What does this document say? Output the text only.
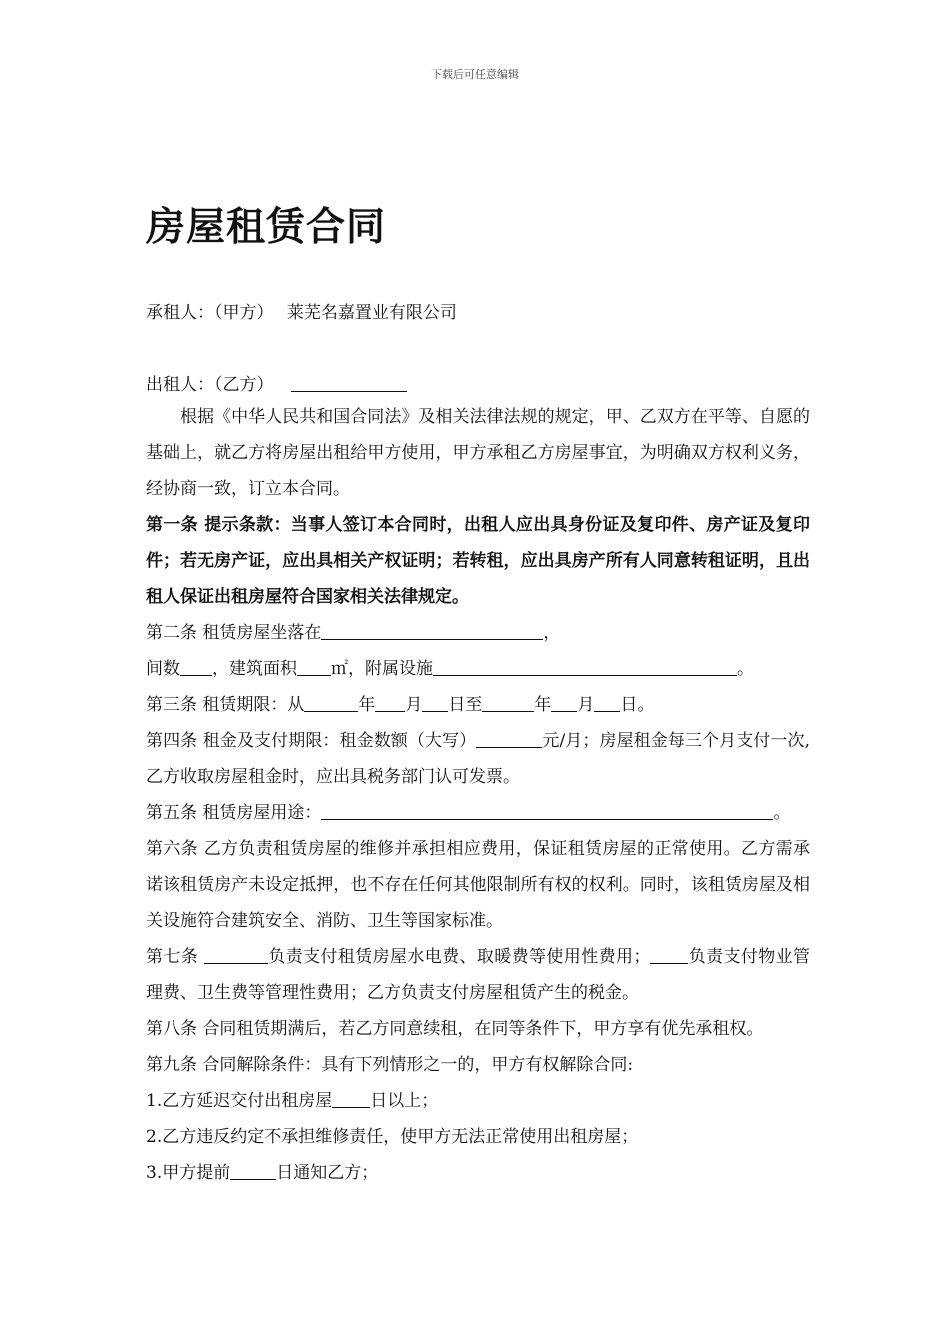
下载后可任意编辑
房屋租赁合同
承租人：（甲方） 莱芜名嘉置业有限公司
出租人：（乙方）

根据《中华人民共和国合同法》及相关法律法规的规定，甲、乙双方在平等、自愿的基础上，就乙方将房屋出租给甲方使用，甲方承租乙方房屋事宜，为明确双方权利义务，经协商一致，订立本合同。

第一条 提示条款：当事人签订本合同时，出租人应出具身份证及复印件、房产证及复印件；若无房产证，应出具相关产权证明；若转租，应出具房产所有人同意转租证明，且出租人保证出租房屋符合国家相关法律规定。

第二条 租赁房屋坐落在	，

间数 ，建筑面积 ㎡，附属设施	。

第三条 租赁期限：从	年 月 日至	年 月 日。

第四条 租金及支付期限：租金数额（大写）	元/月；房屋租金每三个月支付一次,乙方收取房屋租金时，应出具税务部门认可发票。

第五条 租赁房屋用途：	。

第六条 乙方负责租赁房屋的维修并承担相应费用，保证租赁房屋的正常使用。乙方需承诺该租赁房产未设定抵押，也不存在任何其他限制所有权的权利。同时，该租赁房屋及相关设施符合建筑安全、消防、卫生等国家标准。

第七条	负责支付租赁房屋水电费、取暖费等使用性费用； 负责支付物业管理费、卫生费等管理性费用；乙方负责支付房屋租赁产生的税金。

第八条 合同租赁期满后，若乙方同意续租，在同等条件下，甲方享有优先承租权。

第九条 合同解除条件：具有下列情形之一的，甲方有权解除合同:

1.乙方延迟交付出租房屋 日以上；

2.乙方违反约定不承担维修责任，使甲方无法正常使用出租房屋；

3.甲方提前	日通知乙方；
